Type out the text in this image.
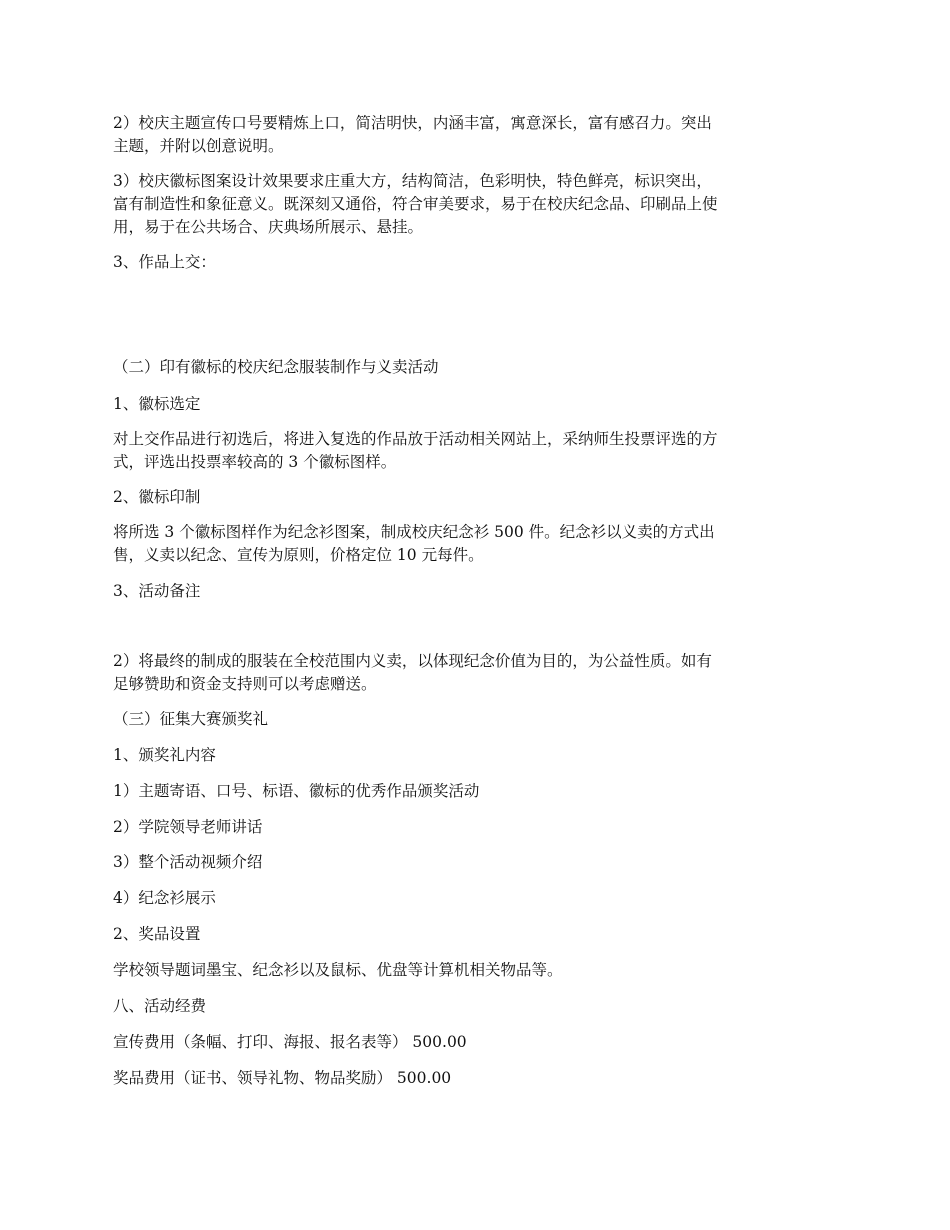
2）校庆主题宣传口号要精炼上口，简洁明快，内涵丰富，寓意深长，富有感召力。突出
主题，并附以创意说明。
3）校庆徽标图案设计效果要求庄重大方，结构简洁，色彩明快，特色鲜亮，标识突出，
富有制造性和象征意义。既深刻又通俗，符合审美要求，易于在校庆纪念品、印刷品上使
用，易于在公共场合、庆典场所展示、悬挂。
3、作品上交：
（二）印有徽标的校庆纪念服装制作与义卖活动
1、徽标选定
对上交作品进行初选后，将进入复选的作品放于活动相关网站上，采纳师生投票评选的方
式，评选出投票率较高的 3 个徽标图样。
2、徽标印制
将所选 3 个徽标图样作为纪念衫图案，制成校庆纪念衫 500 件。纪念衫以义卖的方式出
售，义卖以纪念、宣传为原则，价格定位 10 元每件。
3、活动备注
2）将最终的制成的服装在全校范围内义卖，以体现纪念价值为目的，为公益性质。如有
足够赞助和资金支持则可以考虑赠送。
（三）征集大赛颁奖礼
1、颁奖礼内容
1）主题寄语、口号、标语、徽标的优秀作品颁奖活动
2）学院领导老师讲话
3）整个活动视频介绍
4）纪念衫展示
2、奖品设置
学校领导题词墨宝、纪念衫以及鼠标、优盘等计算机相关物品等。
八、活动经费
宣传费用（条幅、打印、海报、报名表等） 500.00
奖品费用（证书、领导礼物、物品奖励） 500.00
